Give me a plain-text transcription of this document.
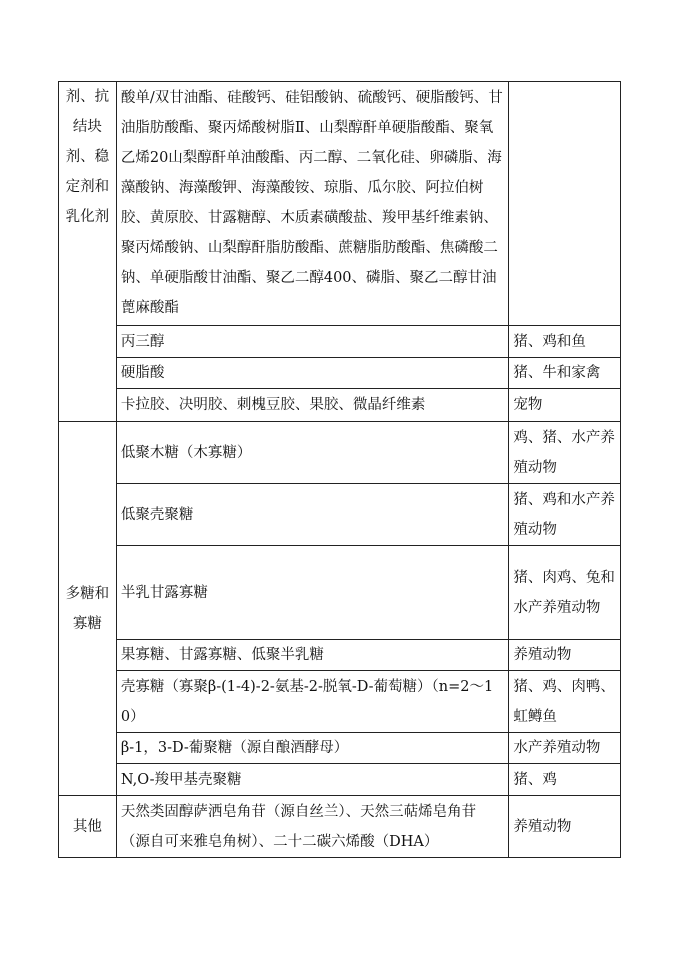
剂、抗结块剂、稳定剂和乳化剂	酸单/双甘油酯、硅酸钙、硅铝酸钠、硫酸钙、硬脂酸钙、甘油脂肪酸酯、聚丙烯酸树脂Ⅱ、山梨醇酐单硬脂酸酯、聚氧乙烯20山梨醇酐单油酸酯、丙二醇、二氧化硅、卵磷脂、海藻酸钠、海藻酸钾、海藻酸铵、琼脂、瓜尔胶、阿拉伯树胶、黄原胶、甘露糖醇、木质素磺酸盐、羧甲基纤维素钠、聚丙烯酸钠、山梨醇酐脂肪酸酯、蔗糖脂肪酸酯、焦磷酸二钠、单硬脂酸甘油酯、聚乙二醇400、磷脂、聚乙二醇甘油蓖麻酸酯	
	丙三醇	猪、鸡和鱼
	硬脂酸	猪、牛和家禽
	卡拉胶、决明胶、刺槐豆胶、果胶、微晶纤维素	宠物
多糖和寡糖	低聚木糖（木寡糖）	鸡、猪、水产养殖动物
	低聚壳聚糖	猪、鸡和水产养殖动物
	半乳甘露寡糖	猪、肉鸡、兔和水产养殖动物
	果寡糖、甘露寡糖、低聚半乳糖	养殖动物
	壳寡糖（寡聚β-(1-4)-2-氨基-2-脱氧-D-葡萄糖）（n=2～10）	猪、鸡、肉鸭、虹鳟鱼
	β-1，3-D-葡聚糖（源自酿酒酵母）	水产养殖动物
	N,O-羧甲基壳聚糖	猪、鸡
其他	天然类固醇萨洒皂角苷（源自丝兰）、天然三萜烯皂角苷（源自可来雅皂角树）、二十二碳六烯酸（DHA）	养殖动物
